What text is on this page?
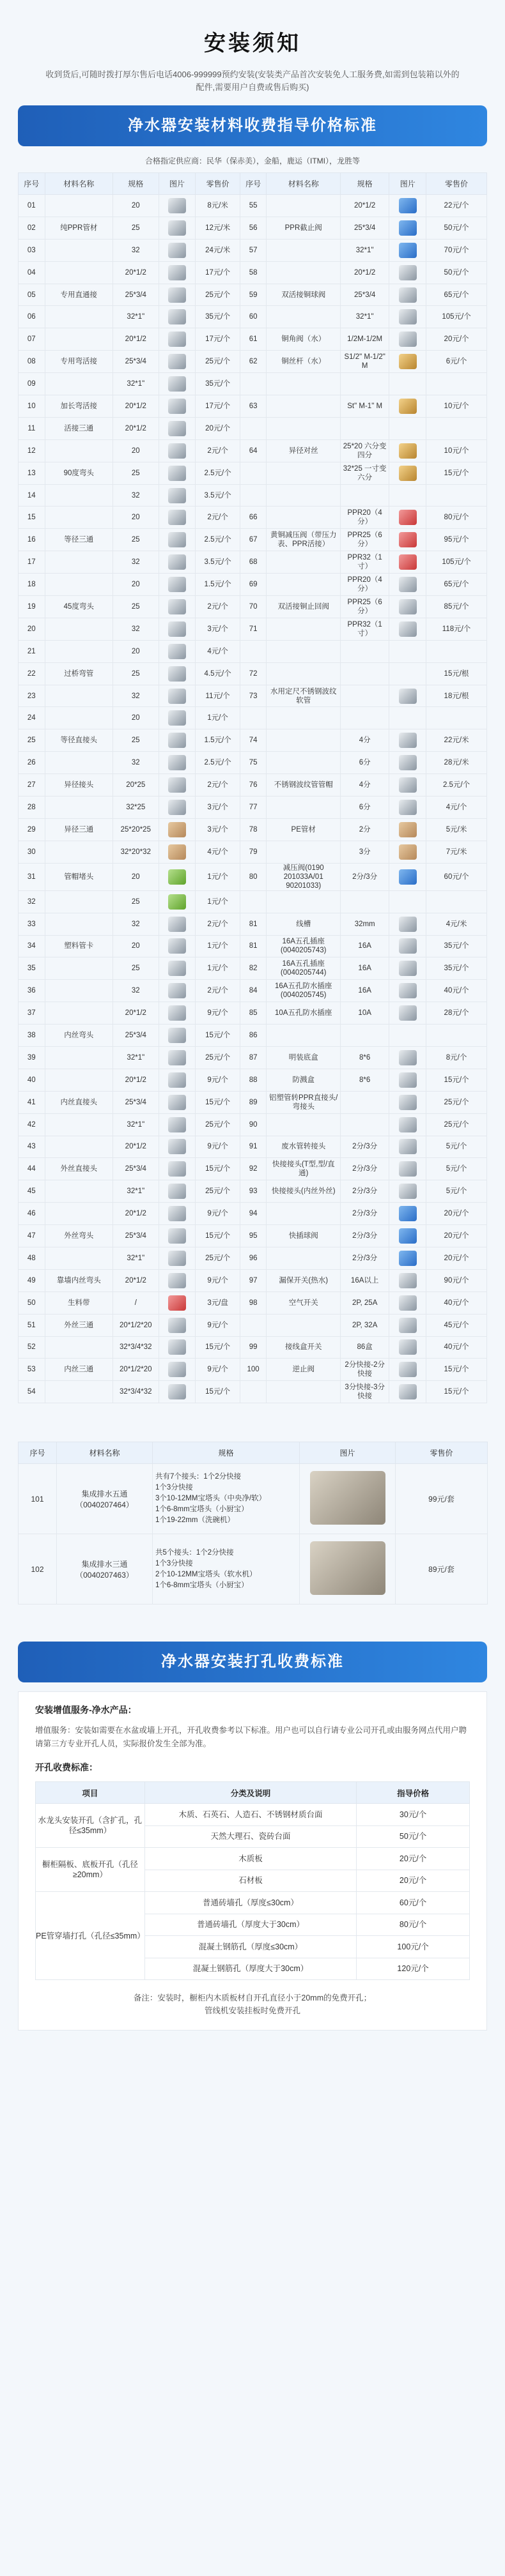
安装须知
收到货后,可随时拨打厚尔售后电话4006-999999预约安装(安装类产品首次安装免人工服务费,如需到包装箱以外的配件,需要用户自费或售后购买)
净水器安装材料收费指导价格标准
合格指定供应商：民华（保赤美），金船，鹿运（ITMI），龙胜等
序号	材料名称	规格	图片	零售价	序号	材料名称	规格	图片	零售价
01		20		8元/米	55		20*1/2		22元/个
02	纯PPR管材	25		12元/米	56	PPR截止阀	25*3/4		50元/个
03		32		24元/米	57		32*1"		70元/个
04		20*1/2		17元/个	58		20*1/2		50元/个
05	专用直通接	25*3/4		25元/个	59	双活接铜球阀	25*3/4		65元/个
06		32*1"		35元/个	60		32*1"		105元/个
07		20*1/2		17元/个	61	铜角阀（水）	1/2M-1/2M		20元/个
08	专用弯活接	25*3/4		25元/个	62	铜丝杆（水）	S1/2" M-1/2" M		6元/个
09		32*1"		35元/个					
10	加长弯活接	20*1/2		17元/个	63		St" M-1" M		10元/个
11	活接三通	20*1/2		20元/个					
12		20		2元/个	64	异径对丝	25*20 六分变四分		10元/个
13	90度弯头	25		2.5元/个			32*25 一寸变六分		15元/个
14		32		3.5元/个					
15		20		2元/个	66		PPR20（4分）		80元/个
16	等径三通	25		2.5元/个	67	黄铜减压阀（带压力表、PPR活接）	PPR25（6分）		95元/个
17		32		3.5元/个	68		PPR32（1寸）		105元/个
18		20		1.5元/个	69		PPR20（4分）		65元/个
19	45度弯头	25		2元/个	70	双活接铜止回阀	PPR25（6分）		85元/个
20		32		3元/个	71		PPR32（1寸）		118元/个
21		20		4元/个					
22	过桥弯管	25		4.5元/个	72				15元/根
23		32		11元/个	73	水用定尺不锈钢波纹软管			18元/根
24		20		1元/个					
25	等径直接头	25		1.5元/个	74		4分		22元/米
26		32		2.5元/个	75		6分		28元/米
27	异径接头	20*25		2元/个	76	不锈钢波纹管管帽	4分		2.5元/个
28		32*25		3元/个	77		6分		4元/个
29	异径三通	25*20*25		3元/个	78	PE管材	2分		5元/米
30		32*20*32		4元/个	79		3分		7元/米
31	管帽堵头	20		1元/个	80	减压阀(0190 201033A/01 90201033)	2分/3分		60元/个
32		25		1元/个					
33		32		2元/个	81	线槽	32mm		4元/米
34	塑料管卡	20		1元/个	81	16A五孔插座(0040205743)	16A		35元/个
35		25		1元/个	82	16A五孔插座(0040205744)	16A		35元/个
36		32		2元/个	84	16A五孔防水插座(0040205745)	16A		40元/个
37		20*1/2		9元/个	85	10A五孔防水插座	10A		28元/个
38	内丝弯头	25*3/4		15元/个	86				
39		32*1"		25元/个	87	明装底盒	8*6		8元/个
40		20*1/2		9元/个	88	防溅盒	8*6		15元/个
41	内丝直接头	25*3/4		15元/个	89	铝塑管转PPR直接头/弯接头			25元/个
42		32*1"		25元/个	90				25元/个
43		20*1/2		9元/个	91	废水管转接头	2分/3分		5元/个
44	外丝直接头	25*3/4		15元/个	92	快接接头(T型,型/直通)	2分/3分		5元/个
45		32*1"		25元/个	93	快接接头(内丝外丝)	2分/3分		5元/个
46		20*1/2		9元/个	94		2分/3分		20元/个
47	外丝弯头	25*3/4		15元/个	95	快插球阀	2分/3分		20元/个
48		32*1"		25元/个	96		2分/3分		20元/个
49	靠墙内丝弯头	20*1/2		9元/个	97	漏保开关(热水)	16A以上		90元/个
50	生料带	/		3元/盘	98	空气开关	2P, 25A		40元/个
51	外丝三通	20*1/2*20		9元/个			2P, 32A		45元/个
52		32*3/4*32		15元/个	99	接线盒开关	86盒		40元/个
53	内丝三通	20*1/2*20		9元/个	100	逆止阀	2分快接-2分快接		15元/个
54		32*3/4*32		15元/个			3分快接-3分快接		15元/个
序号	材料名称	规格	图片	零售价
101	集成排水五通（0040207464）	共有7个接头：1个2分快接
1个3分快接
3个10-12MM宝塔头（中央净/软）
1个6-8mm宝塔头（小厨宝）
1个19-22mm（洗碗机）		99元/套
102	集成排水三通（0040207463）	共5个接头：1个2分快接
1个3分快接
2个10-12MM宝塔头（软水机）
1个6-8mm宝塔头（小厨宝）		89元/套
净水器安装打孔收费标准
安装增值服务-净水产品：
增值服务：安装如需要在水盆或墙上开孔，开孔收费参考以下标准。用户也可以自行请专业公司开孔或由服务网点代用户聘请第三方专业开孔人员，实际报价发生全部为准。
开孔收费标准：
项目	分类及说明	指导价格
水龙头安装开孔（含扩孔，孔径≤35mm）	木质、石英石、人造石、不锈钢材质台面	30元/个
	天然大理石、瓷砖台面	50元/个
橱柜隔板、底板开孔（孔径≥20mm）	木质板	20元/个
	石材板	20元/个
PE管穿墙打孔（孔径≤35mm）	普通砖墙孔（厚度≤30cm）	60元/个
	普通砖墙孔（厚度大于30cm）	80元/个
	混凝土钢筋孔（厚度≤30cm）	100元/个
	混凝土钢筋孔（厚度大于30cm）	120元/个
备注：安装时，橱柜内木质板材自开孔直径小于20mm的免费开孔；
管线机安装挂板时免费开孔
